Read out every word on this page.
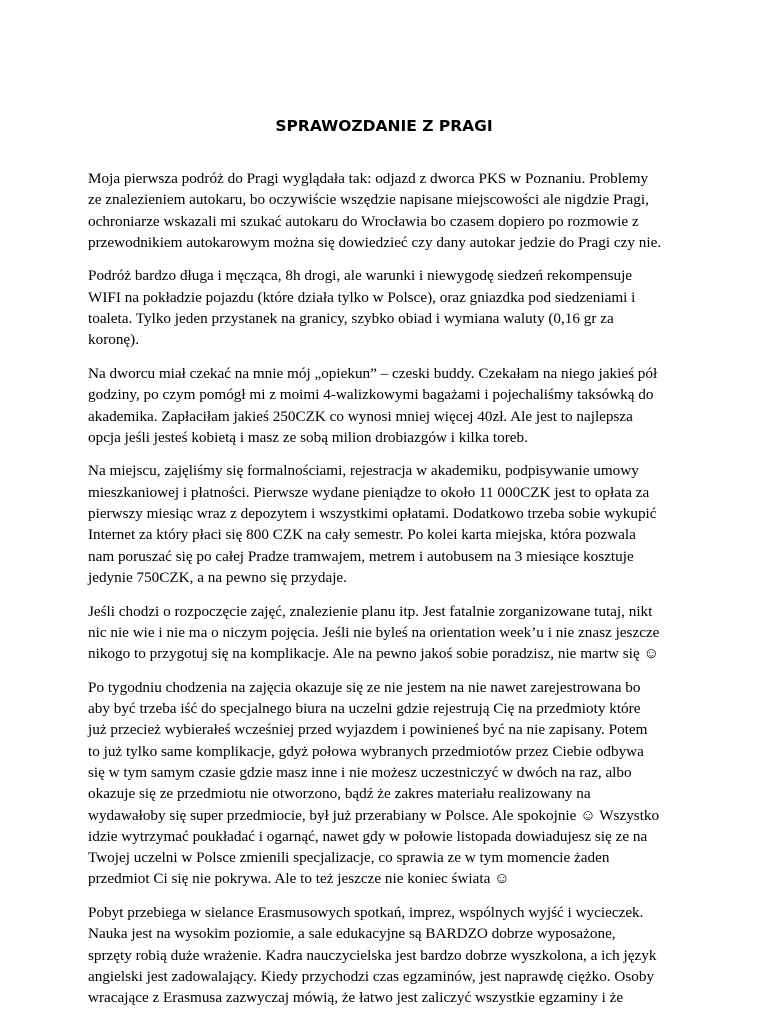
SPRAWOZDANIE Z PRAGI

Moja pierwsza podróż do Pragi wyglądała tak: odjazd z dworca PKS w Poznaniu. Problemy
ze znalezieniem autokaru, bo oczywiście wszędzie napisane miejscowości ale nigdzie Pragi,
ochroniarze wskazali mi szukać autokaru do Wrocławia bo czasem dopiero po rozmowie z
przewodnikiem autokarowym można się dowiedzieć czy dany autokar jedzie do Pragi czy nie.

Podróż bardzo długa i męcząca, 8h drogi, ale warunki i niewygodę siedzeń rekompensuje
WIFI na pokładzie pojazdu (które działa tylko w Polsce), oraz gniazdka pod siedzeniami i
toaleta. Tylko jeden przystanek na granicy, szybko obiad i wymiana waluty (0,16 gr za
koronę).

Na dworcu miał czekać na mnie mój „opiekun” – czeski buddy. Czekałam na niego jakieś pół
godziny, po czym pomógł mi z moimi 4-walizkowymi bagażami i pojechaliśmy taksówką do
akademika. Zapłaciłam jakieś 250CZK co wynosi mniej więcej 40zł. Ale jest to najlepsza
opcja jeśli jesteś kobietą i masz ze sobą milion drobiazgów i kilka toreb.

Na miejscu, zajęliśmy się formalnościami, rejestracja w akademiku, podpisywanie umowy
mieszkaniowej i płatności. Pierwsze wydane pieniądze to około 11 000CZK jest to opłata za
pierwszy miesiąc wraz z depozytem i wszystkimi opłatami. Dodatkowo trzeba sobie wykupić
Internet za który płaci się 800 CZK na cały semestr. Po kolei karta miejska, która pozwala
nam poruszać się po całej Pradze tramwajem, metrem i autobusem na 3 miesiące kosztuje
jedynie 750CZK, a na pewno się przydaje.

Jeśli chodzi o rozpoczęcie zajęć, znalezienie planu itp. Jest fatalnie zorganizowane tutaj, nikt
nic nie wie i nie ma o niczym pojęcia. Jeśli nie byleś na orientation week’u i nie znasz jeszcze
nikogo to przygotuj się na komplikacje. Ale na pewno jakoś sobie poradzisz, nie martw się ☺

Po tygodniu chodzenia na zajęcia okazuje się ze nie jestem na nie nawet zarejestrowana bo
aby być trzeba iść do specjalnego biura na uczelni gdzie rejestrują Cię na przedmioty które
już przecież wybierałeś wcześniej przed wyjazdem i powinieneś być na nie zapisany. Potem
to już tylko same komplikacje, gdyż połowa wybranych przedmiotów przez Ciebie odbywa
się w tym samym czasie gdzie masz inne i nie możesz uczestniczyć w dwóch na raz, albo
okazuje się ze przedmiotu nie otworzono, bądź że zakres materiału realizowany na
wydawałoby się super przedmiocie, był już przerabiany w Polsce. Ale spokojnie ☺ Wszystko
idzie wytrzymać poukładać i ogarnąć, nawet gdy w połowie listopada dowiadujesz się ze na
Twojej uczelni w Polsce zmienili specjalizacje, co sprawia ze w tym momencie żaden
przedmiot Ci się nie pokrywa. Ale to też jeszcze nie koniec świata ☺

Pobyt przebiega w sielance Erasmusowych spotkań, imprez, wspólnych wyjść i wycieczek.
Nauka jest na wysokim poziomie, a sale edukacyjne są BARDZO dobrze wyposażone,
sprzęty robią duże wrażenie. Kadra nauczycielska jest bardzo dobrze wyszkolona, a ich język
angielski jest zadowalający. Kiedy przychodzi czas egzaminów, jest naprawdę ciężko. Osoby
wracające z Erasmusa zazwyczaj mówią, że łatwo jest zaliczyć wszystkie egzaminy i że
